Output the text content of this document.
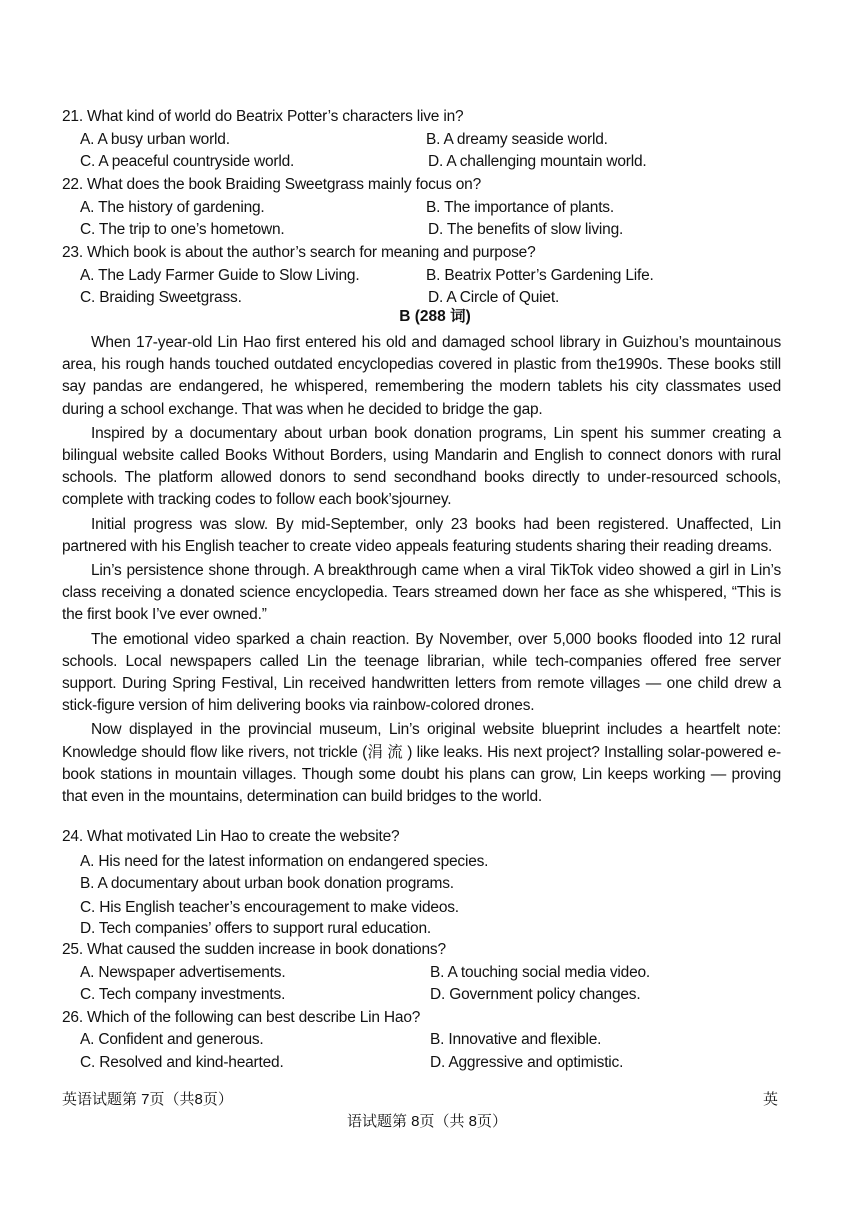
21. What kind of world do Beatrix Potter’s characters live in?
A. A busy urban world.	B. A dreamy seaside world.
C. A peaceful countryside world.	D. A challenging mountain world.
22. What does the book Braiding Sweetgrass mainly focus on?
A. The history of gardening.	B. The importance of plants.
C. The trip to one’s hometown.	D. The benefits of slow living.
23. Which book is about the author’s search for meaning and purpose?
A. The Lady Farmer Guide to Slow Living.	B. Beatrix Potter’s Gardening Life.
C. Braiding Sweetgrass.	D. A Circle of Quiet.
B (288 词)

When 17-year-old Lin Hao first entered his old and damaged school library in Guizhou’s mountainous area, his rough hands touched outdated encyclopedias covered in plastic from the1990s. These books still say pandas are endangered, he whispered, remembering the modern tablets his city classmates used during a school exchange. That was when he decided to bridge the gap.

Inspired by a documentary about urban book donation programs, Lin spent his summer creating a bilingual website called Books Without Borders, using Mandarin and English to connect donors with rural schools. The platform allowed donors to send secondhand books directly to under-resourced schools, complete with tracking codes to follow each book’sjourney.

Initial progress was slow. By mid-September, only 23 books had been registered. Unaffected, Lin partnered with his English teacher to create video appeals featuring students sharing their reading dreams.

Lin’s persistence shone through. A breakthrough came when a viral TikTok video showed a girl in Lin’s class receiving a donated science encyclopedia. Tears streamed down her face as she whispered, “This is the first book I’ve ever owned.”

The emotional video sparked a chain reaction. By November, over 5,000 books flooded into 12 rural schools. Local newspapers called Lin the teenage librarian, while tech-companies offered free server support. During Spring Festival, Lin received handwritten letters from remote villages — one child drew a stick-figure version of him delivering books via rainbow-colored drones.

Now displayed in the provincial museum, Lin’s original website blueprint includes a heartfelt note: Knowledge should flow like rivers, not trickle (涓 流 ) like leaks. His next project? Installing solar-powered e-book stations in mountain villages. Though some doubt his plans can grow, Lin keeps working — proving that even in the mountains, determination can build bridges to the world.

24. What motivated Lin Hao to create the website?
A. His need for the latest information on endangered species.
B. A documentary about urban book donation programs.
C. His English teacher’s encouragement to make videos.
D. Tech companies’ offers to support rural education.
25. What caused the sudden increase in book donations?
A. Newspaper advertisements.	B. A touching social media video.
C. Tech company investments.	D. Government policy changes.
26. Which of the following can best describe Lin Hao?
A. Confident and generous.	B. Innovative and flexible.
C. Resolved and kind-hearted.	D. Aggressive and optimistic.
英语试题第 7页（共8页）	英
语试题第 8页（共 8页）
